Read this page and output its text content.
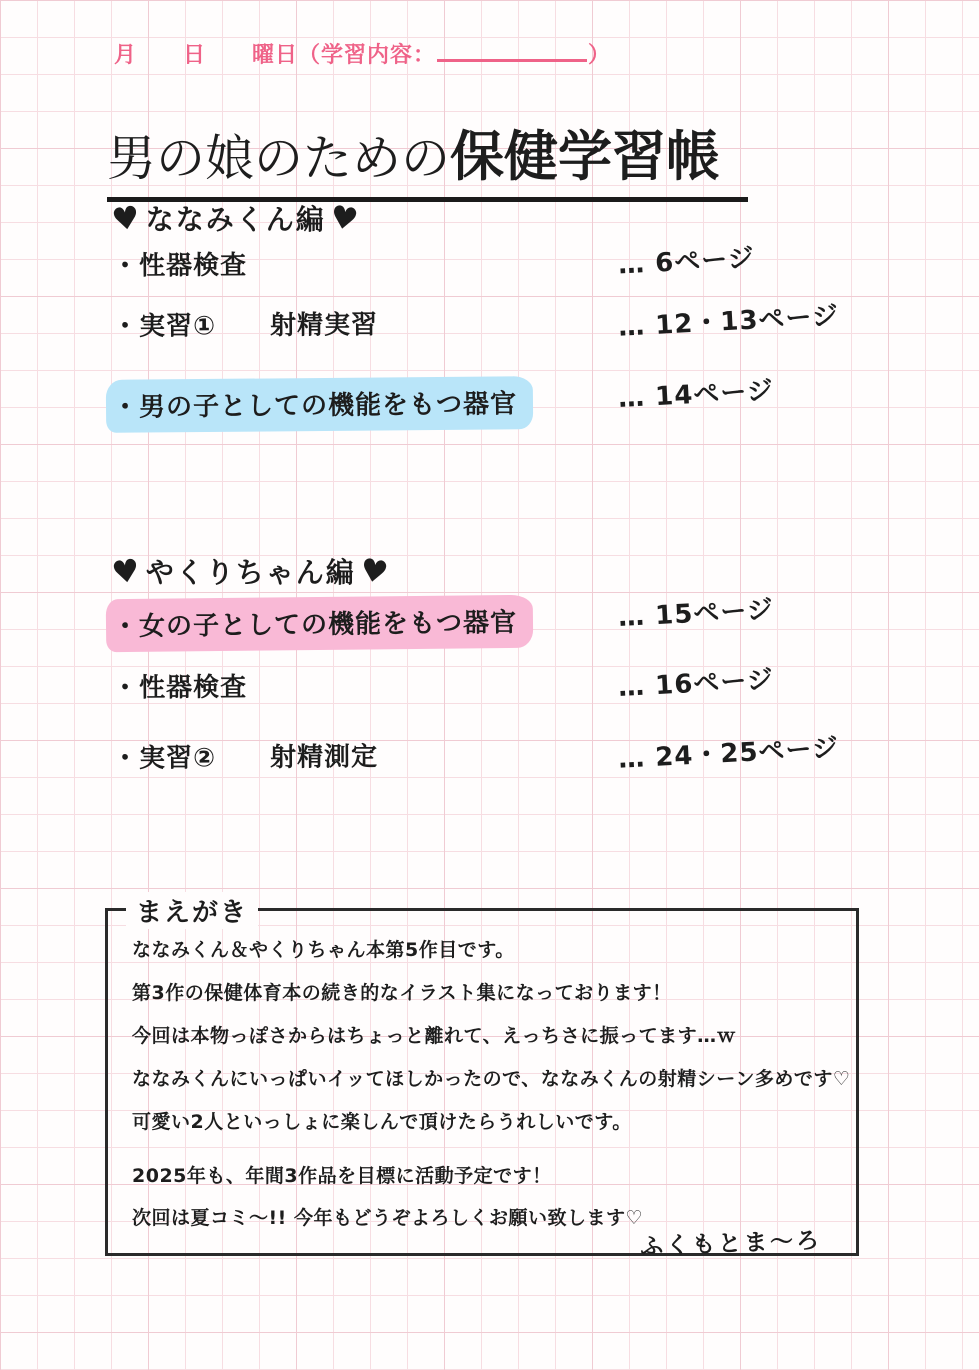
月　　日　　曜日（学習内容：	）
男の娘のための保健学習帳
♥ななみくん編♥
・性器検査	… 6ページ
・実習①　　射精実習	… 12・13ページ
・男の子としての機能をもつ器官	… 14ページ
♥やくりちゃん編♥
・女の子としての機能をもつ器官	… 15ページ
・性器検査	… 16ページ
・実習②　　射精測定	… 24・25ページ
まえがき
ななみくん＆やくりちゃん本第5作目です。
第3作の保健体育本の続き的なイラスト集になっております！
今回は本物っぽさからはちょっと離れて、えっちさに振ってます…ｗ
ななみくんにいっぱいイッてほしかったので、ななみくんの射精シーン多めです♡
可愛い2人といっしょに楽しんで頂けたらうれしいです。
2025年も、年間3作品を目標に活動予定です！
次回は夏コミ〜!! 今年もどうぞよろしくお願い致します♡
ふくもとま〜ろ
